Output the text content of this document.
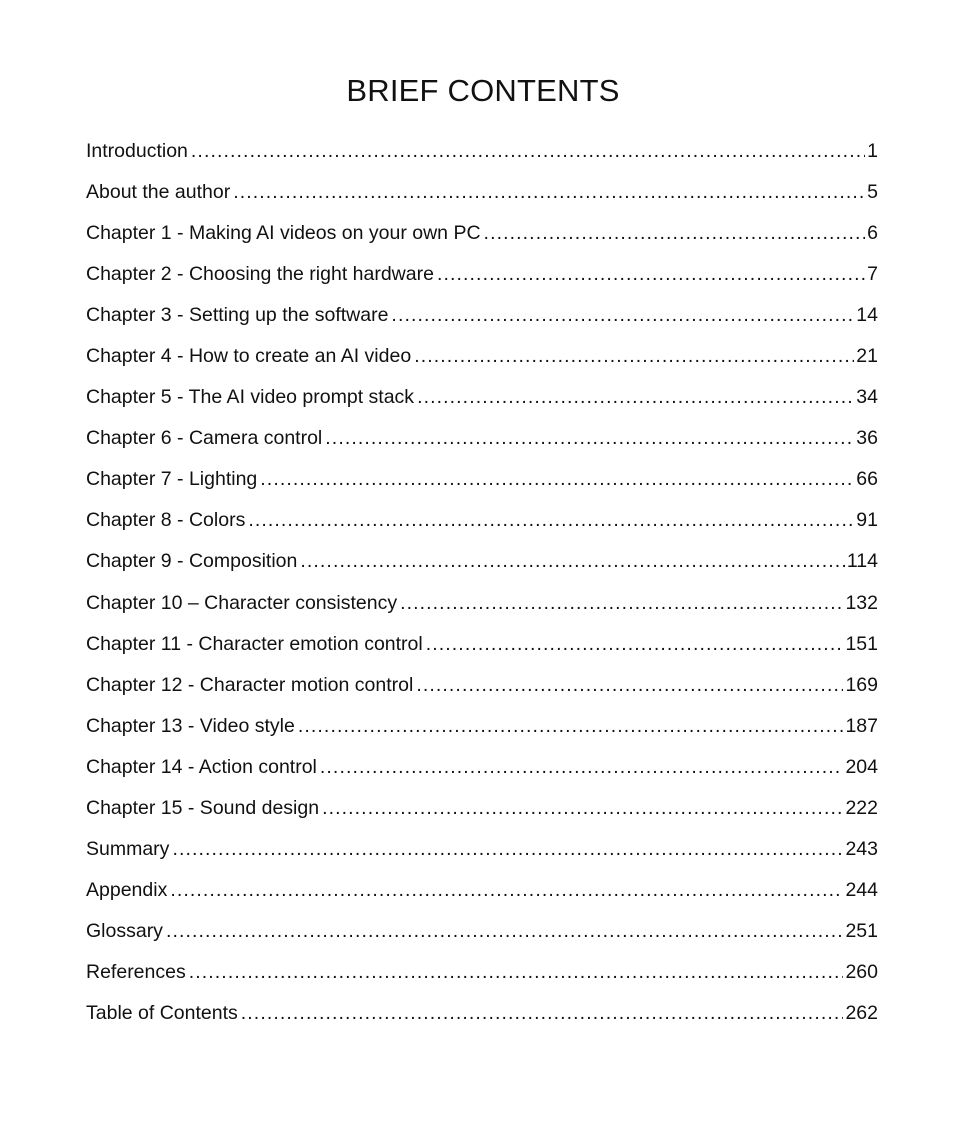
BRIEF CONTENTS
Introduction .....	1
About the author .....	5
Chapter 1 - Making AI videos on your own PC .....	6
Chapter 2 - Choosing the right hardware .....	7
Chapter 3 - Setting up the software .....	14
Chapter 4 - How to create an AI video .....	21
Chapter 5 - The AI video prompt stack .....	34
Chapter 6 - Camera control .....	36
Chapter 7 - Lighting .....	66
Chapter 8 - Colors .....	91
Chapter 9 - Composition .....	114
Chapter 10 – Character consistency .....	132
Chapter 11 - Character emotion control .....	151
Chapter 12 - Character motion control .....	169
Chapter 13 - Video style .....	187
Chapter 14 - Action control .....	204
Chapter 15 - Sound design .....	222
Summary .....	243
Appendix .....	244
Glossary .....	251
References .....	260
Table of Contents .....	262
